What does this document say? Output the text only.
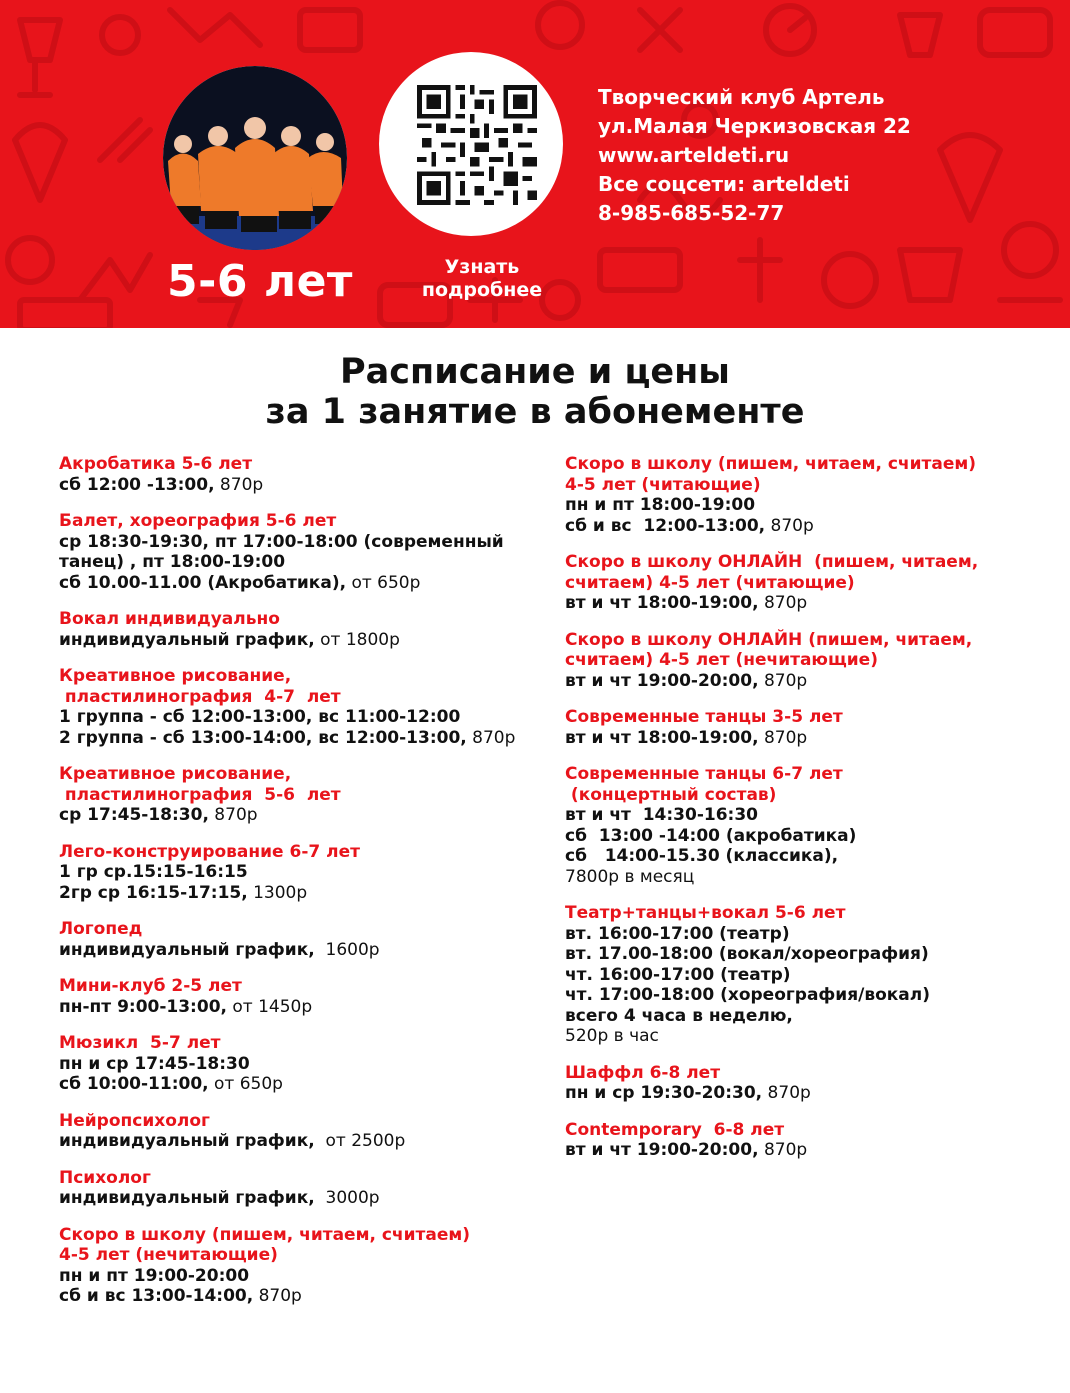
5-6 лет	Узнать
подробнее
Творческий клуб Артель
ул.Малая Черкизовская 22
www.arteldeti.ru
Все соцсети: arteldeti
8-985-685-52-77
Расписание и цены
за 1 занятие в абонементе
Акробатика 5-6 лет
сб 12:00 -13:00, 870р
Балет, хореография 5-6 лет
ср 18:30-19:30, пт 17:00-18:00 (современный
танец) , пт 18:00-19:00
сб 10.00-11.00 (Акробатика), от 650р
Вокал индивидуально
индивидуальный график, от 1800р
Креативное рисование,
пластилинография  4-7  лет
1 группа - сб 12:00-13:00, вс 11:00-12:00
2 группа - сб 13:00-14:00, вс 12:00-13:00, 870р
Креативное рисование,
пластилинография  5-6  лет
ср 17:45-18:30, 870р
Лего-конструирование 6-7 лет
1 гр ср.15:15-16:15
2гр ср 16:15-17:15, 1300р
Логопед
индивидуальный график,  1600р
Мини-клуб 2-5 лет
пн-пт 9:00-13:00, от 1450р
Мюзикл  5-7 лет
пн и ср 17:45-18:30
сб 10:00-11:00, от 650р
Нейропсихолог
индивидуальный график,  от 2500р
Психолог
индивидуальный график,  3000р
Скоро в школу (пишем, читаем, считаем)
4-5 лет (нечитающие)
пн и пт 19:00-20:00
сб и вс 13:00-14:00, 870р
Скоро в школу (пишем, читаем, считаем)
4-5 лет (читающие)
пн и пт 18:00-19:00
сб и вс  12:00-13:00, 870р
Скоро в школу ОНЛАЙН  (пишем, читаем,
считаем) 4-5 лет (читающие)
вт и чт 18:00-19:00, 870р
Скоро в школу ОНЛАЙН (пишем, читаем,
считаем) 4-5 лет (нечитающие)
вт и чт 19:00-20:00, 870р
Современные танцы 3-5 лет
вт и чт 18:00-19:00, 870р
Современные танцы 6-7 лет
(концертный состав)
вт и чт  14:30-16:30
сб  13:00 -14:00 (акробатика)
сб   14:00-15.30 (классика),
7800р в месяц
Театр+танцы+вокал 5-6 лет
вт. 16:00-17:00 (театр)
вт. 17.00-18:00 (вокал/хореография)
чт. 16:00-17:00 (театр)
чт. 17:00-18:00 (хореография/вокал)
всего 4 часа в неделю,
520р в час
Шаффл 6-8 лет
пн и ср 19:30-20:30, 870р
Contemporary  6-8 лет
вт и чт 19:00-20:00, 870р
